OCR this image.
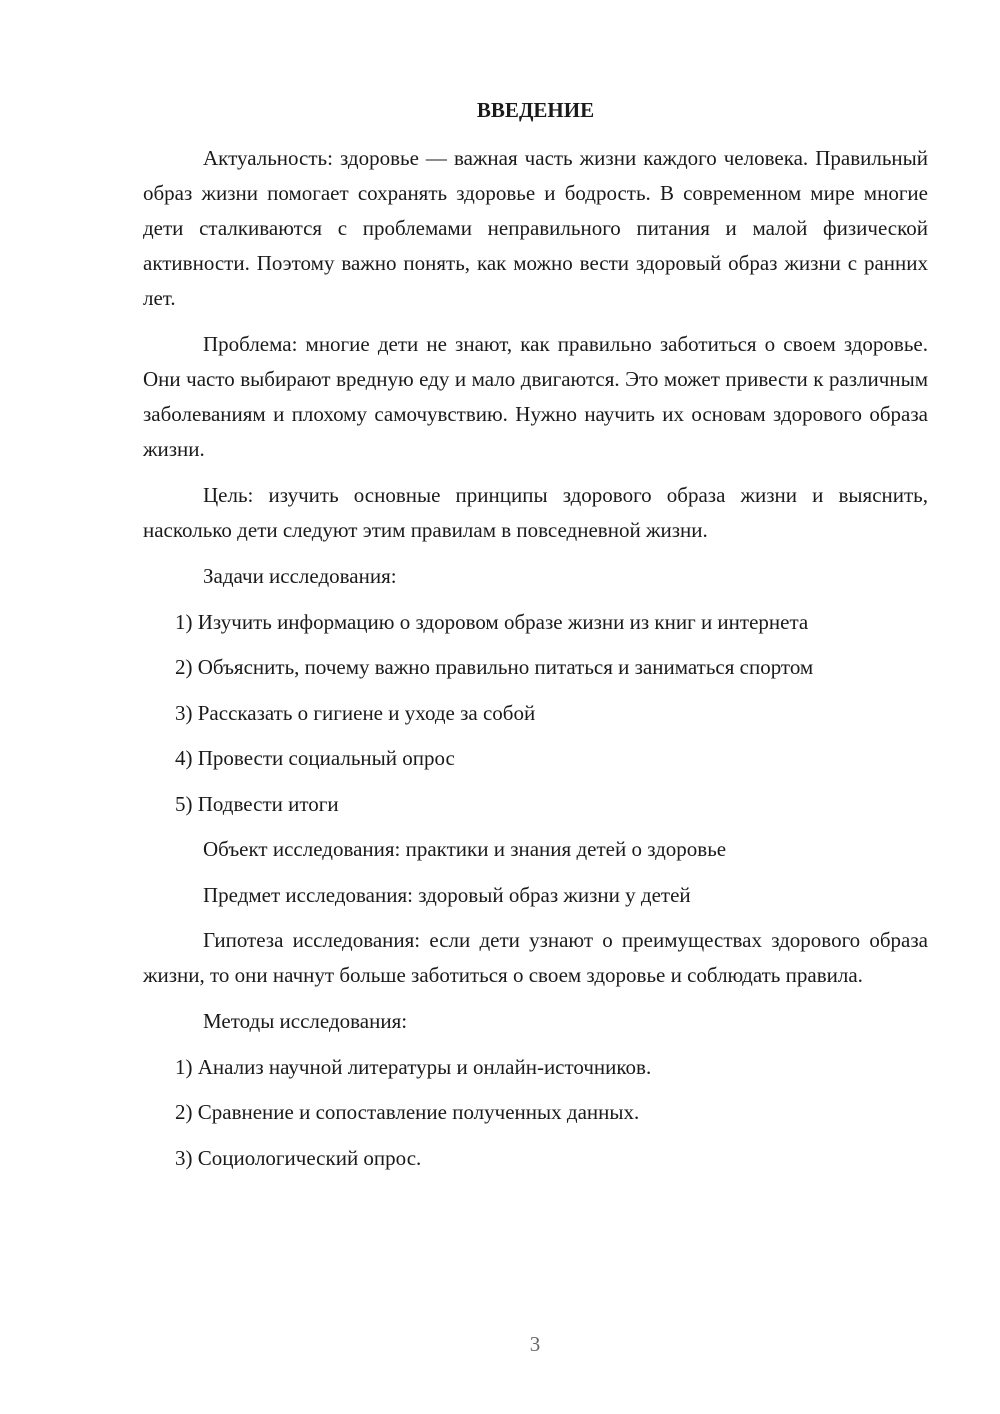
ВВЕДЕНИЕ

Актуальность: здоровье — важная часть жизни каждого человека. Правильный образ жизни помогает сохранять здоровье и бодрость. В современном мире многие дети сталкиваются с проблемами неправильного питания и малой физической активности. Поэтому важно понять, как можно вести здоровый образ жизни с ранних лет.

Проблема: многие дети не знают, как правильно заботиться о своем здоровье. Они часто выбирают вредную еду и мало двигаются. Это может привести к различным заболеваниям и плохому самочувствию. Нужно научить их основам здорового образа жизни.

Цель: изучить основные принципы здорового образа жизни и выяснить, насколько дети следуют этим правилам в повседневной жизни.

Задачи исследования:

1) Изучить информацию о здоровом образе жизни из книг и интернета

2) Объяснить, почему важно правильно питаться и заниматься спортом

3) Рассказать о гигиене и уходе за собой

4) Провести социальный опрос

5) Подвести итоги

Объект исследования: практики и знания детей о здоровье

Предмет исследования: здоровый образ жизни у детей

Гипотеза исследования: если дети узнают о преимуществах здорового образа жизни, то они начнут больше заботиться о своем здоровье и соблюдать правила.

Методы исследования:

1) Анализ научной литературы и онлайн-источников.

2) Сравнение и сопоставление полученных данных.

3) Социологический опрос.

3
